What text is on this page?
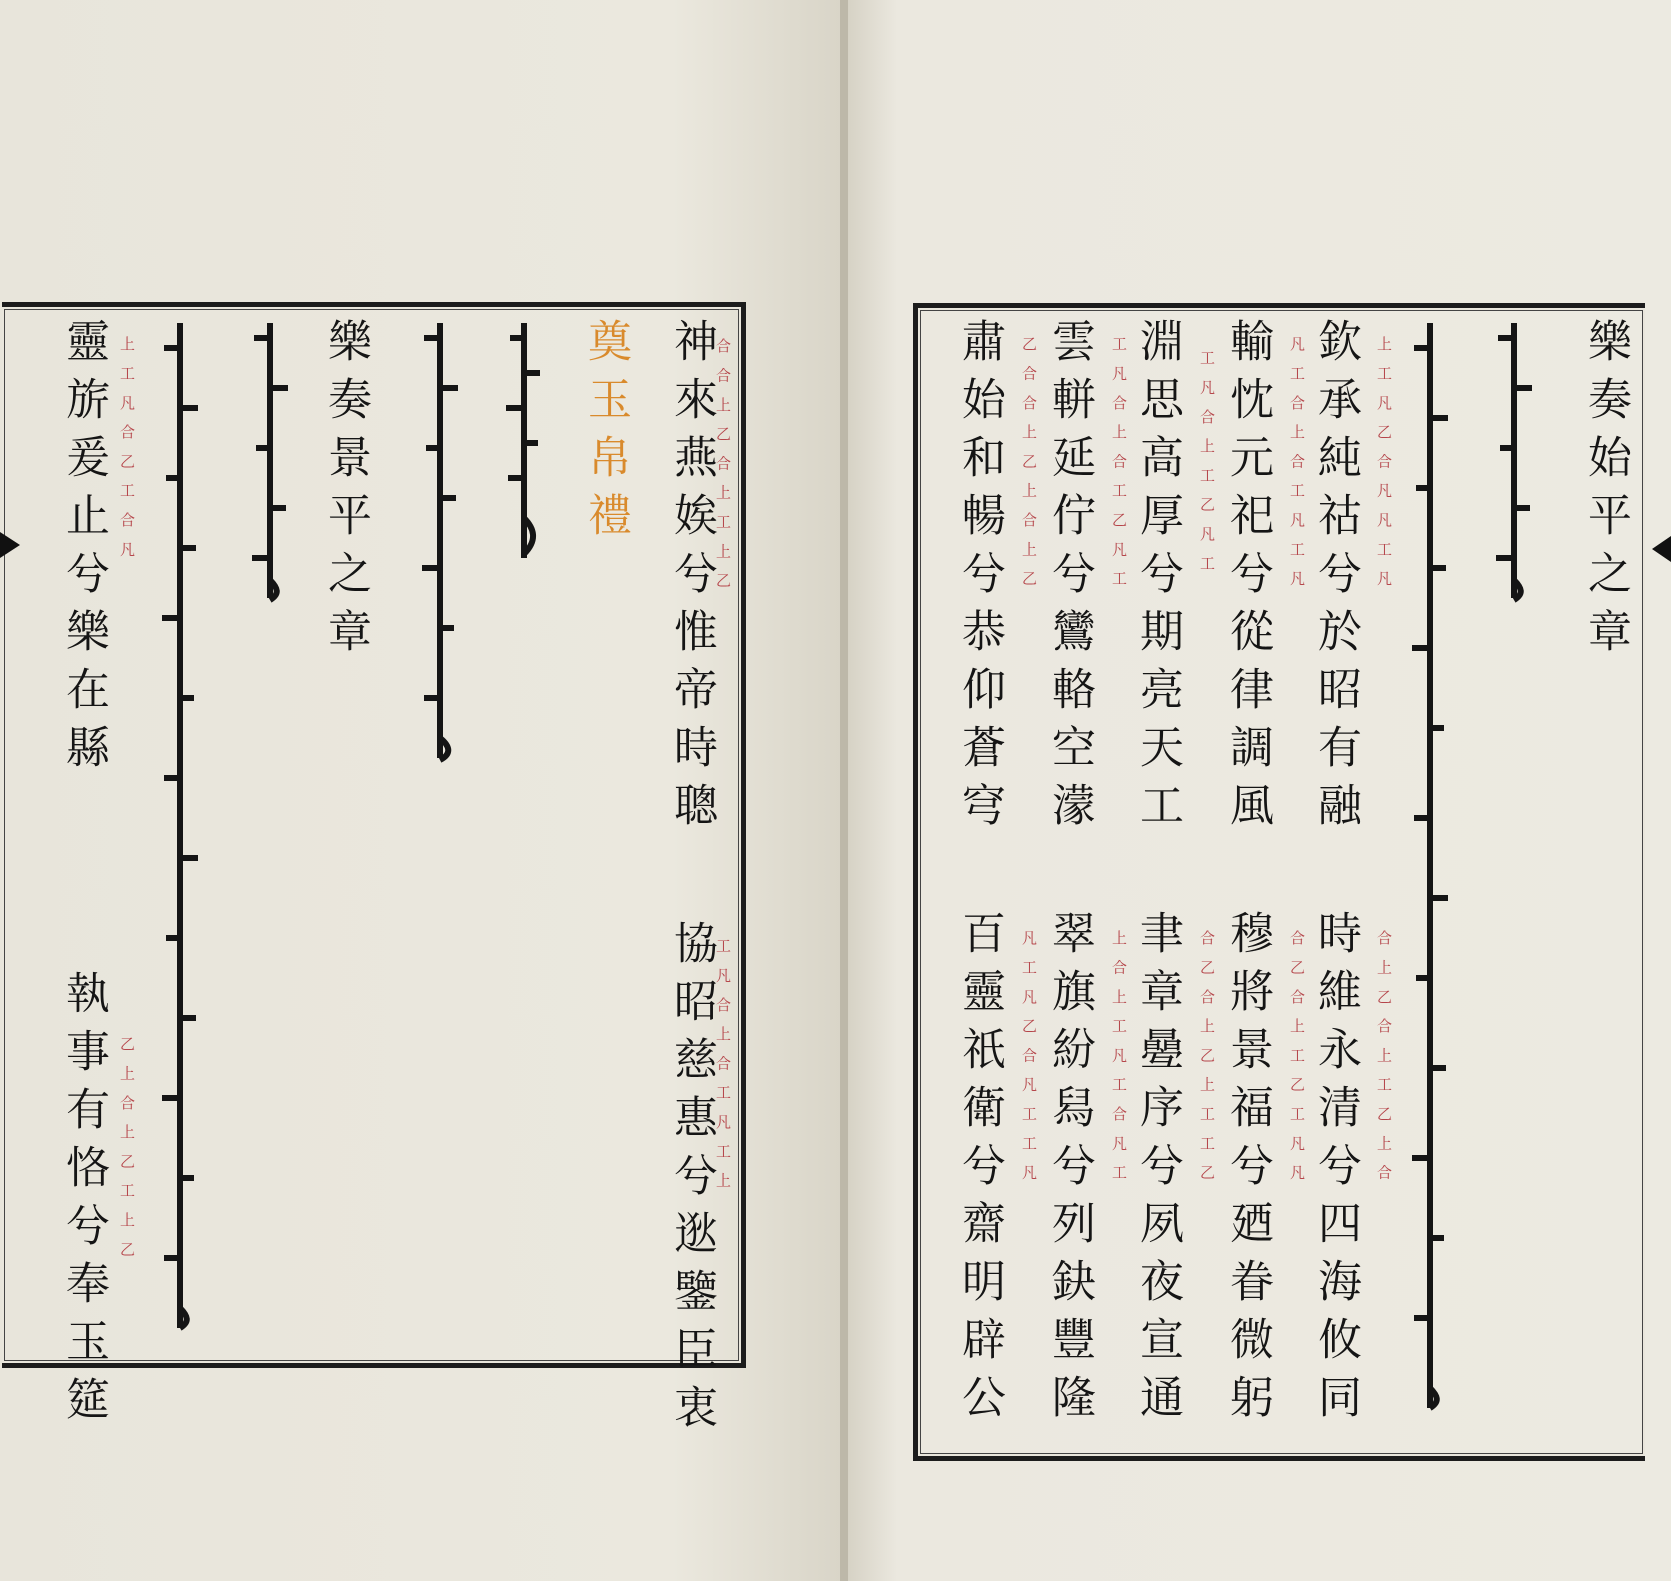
神來燕娭兮惟帝時聰
合合上乙合上工上乙
協昭慈惠兮逖鑒臣衷
工凡合上合工凡工上
奠玉帛禮
樂奏景平之章
上工凡合乙工合凡
靈旂爰止兮樂在縣
乙上合上乙工上乙
執事有恪兮奉玉筵
樂奏始平之章
上工凡乙合凡凡工凡
欽承純祜兮於昭有融
凡工合上合工凡工凡
輸忱元祀兮從律調風
工凡合上工乙凡工
淵思高厚兮期亮天工
工凡合上合工乙凡工
雲軿延佇兮鸞輅空濛
乙合合上乙上合上乙
肅始和暢兮恭仰蒼穹
合上乙合上工乙上合
時維永清兮四海攸同
合乙合上工乙工凡凡
穆將景福兮廼眷微躬
合乙合上乙上工工乙
聿章㬪序兮夙夜宣通
上合上工凡工合凡工
翠旗紛舄兮列鈌豐隆
凡工凡乙合凡工工凡
百靈祇衛兮齋明辟公
